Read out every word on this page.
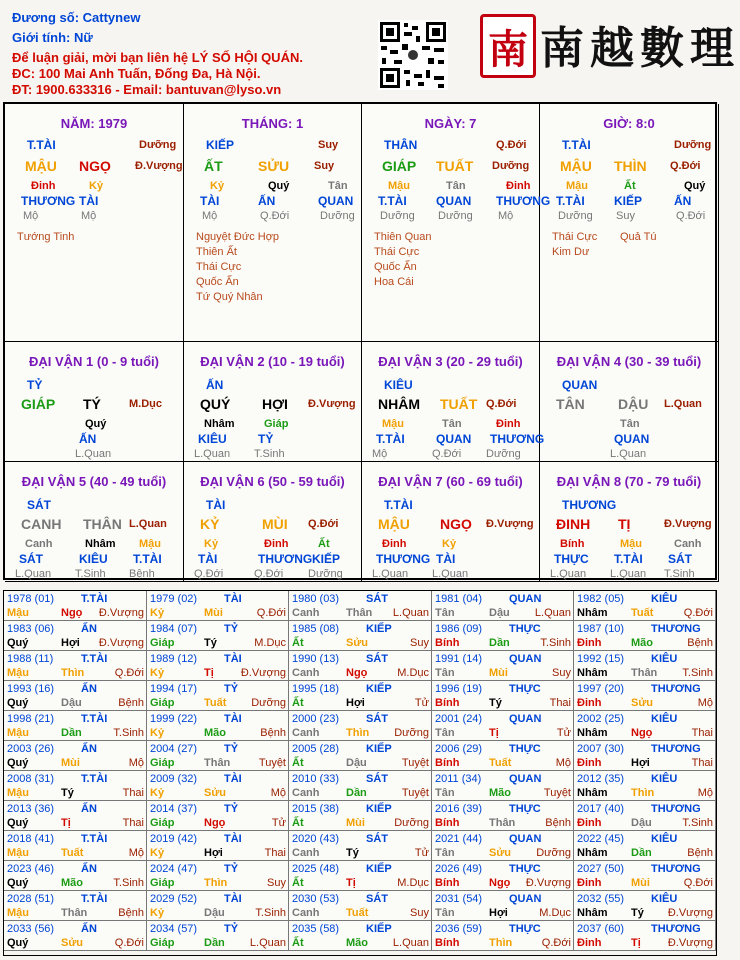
Đương số: Cattynew
Giới tính: Nữ
Để luận giải, mời bạn liên hệ LÝ SỐ HỘI QUÁN.
ĐC: 100 Mai Anh Tuấn, Đống Đa, Hà Nội.
ĐT: 1900.633316 - Email: bantuvan@lyso.vn
南 南越數理
NĂM: 1979
T.TÀI	Dưỡng
MẬU NGỌ Đ.Vượng
Đinh
THƯƠNG
Mộ
Kỷ
TÀI
Mộ
Tướng Tinh
THÁNG: 1
KIẾP	Suy
ẤT	SỬU Suy
Kỷ
TÀI
Mộ
Quý
ẤN
Q.Đới
Tân
QUAN
Dưỡng
Nguyệt Đức Hợp
Thiên Ất
Thái Cực
Quốc Ấn
Tứ Quý Nhân
NGÀY: 7
THÂN	Q.Đới
GIÁP TUẤT Dưỡng
Mậu
T.TÀI
Dưỡng
Tân
QUAN
Dưỡng
Đinh
THƯƠNG
Mộ
Thiên Quan
Thái Cực
Quốc Ấn
Hoa Cái
GIỜ: 8:0
T.TÀI	Dưỡng
MẬU THÌN Q.Đới
Mậu
T.TÀI
Dưỡng
Ất
KIẾP
Suy
Quý
ẤN
Q.Đới
Thái Cực Quả Tú
Kim Dư
ĐẠI VẬN 1 (0 - 9 tuổi)
TỶ
GIÁP TÝ	M.Dục
Quý
ẤN
L.Quan
ĐẠI VẬN 2 (10 - 19 tuổi)
ẤN
QUÝ HỢI Đ.Vượng
Nhâm
KIÊU
L.Quan
Giáp
TỶ
T.Sinh
ĐẠI VẬN 3 (20 - 29 tuổi)
KIÊU
NHÂM TUẤT Q.Đới
Mậu
T.TÀI
Mộ
Tân
QUAN
Q.Đới
Đinh
THƯƠNG
Dưỡng
ĐẠI VẬN 4 (30 - 39 tuổi)
QUAN
TÂN DẬU L.Quan
Tân
QUAN
L.Quan
ĐẠI VẬN 5 (40 - 49 tuổi)
SÁT
CANH THÂN L.Quan
Canh
SÁT
L.Quan
Nhâm
KIÊU
T.Sinh
Mậu
T.TÀI
Bệnh
ĐẠI VẬN 6 (50 - 59 tuổi)
TÀI
KỶ	MÙI Q.Đới
Kỷ
TÀI
Q.Đới
Đinh
THƯƠNG
Q.Đới
Ất
KIẾP
Dưỡng
ĐẠI VẬN 7 (60 - 69 tuổi)
T.TÀI
MẬU NGỌ Đ.Vượng
Đinh
THƯƠNG
L.Quan
Kỷ
TÀI
L.Quan
ĐẠI VẬN 8 (70 - 79 tuổi)
THƯƠNG
ĐINH TỊ	Đ.Vượng
Bính
THỰC
L.Quan
Mậu
T.TÀI
L.Quan
Canh
SÁT
T.Sinh
1978 (01) T.TÀI
Mậu	Ngọ Đ.Vượng
1979 (02) TÀI
Kỷ	Mùi	Q.Đới
1980 (03) SÁT
Canh Thân L.Quan
1981 (04) QUAN
Tân	Dậu L.Quan
1982 (05) KIÊU
Nhâm Tuất	Q.Đới
1983 (06) ẤN
Quý	Hợi Đ.Vượng
1984 (07) TỶ
Giáp	Tý	M.Dục
1985 (08) KIẾP
Ất	Sửu	Suy
1986 (09) THỰC
Bính	Dần	T.Sinh
1987 (10) THƯƠNG
Đinh	Mão	Bệnh
1988 (11)	T.TÀI
Mậu	Thìn	Q.Đới
1989 (12) TÀI
Kỷ	Tị Đ.Vượng
1990 (13) SÁT
Canh Ngọ	M.Dục
1991 (14) QUAN
Tân	Mùi	Suy
1992 (15) KIÊU
Nhâm Thân T.Sinh
1993 (16) ẤN
Quý	Dậu	Bệnh
1994 (17) TỶ
Giáp	Tuất Dưỡng
1995 (18) KIẾP
Ất	Hợi	Tử
1996 (19) THỰC
Bính	Tý	Thai
1997 (20) THƯƠNG
Đinh	Sửu	Mộ
1998 (21) T.TÀI
Mậu	Dần	T.Sinh
1999 (22) TÀI
Kỷ	Mão	Bệnh
2000 (23) SÁT
Canh Thìn Dưỡng
2001 (24) QUAN
Tân	Tị	Tử
2002 (25) KIÊU
Nhâm Ngọ	Thai
2003 (26) ẤN
Quý	Mùi	Mộ
2004 (27) TỶ
Giáp	Thân	Tuyệt
2005 (28) KIẾP
Ất	Dậu	Tuyệt
2006 (29) THỰC
Bính	Tuất	Mộ
2007 (30) THƯƠNG
Đinh	Hợi	Thai
2008 (31) T.TÀI
Mậu	Tý	Thai
2009 (32) TÀI
Kỷ	Sửu	Mộ
2010 (33) SÁT
Canh Dần	Tuyệt
2011 (34)	QUAN
Tân	Mão	Tuyệt
2012 (35) KIÊU
Nhâm Thìn	Mộ
2013 (36) ẤN
Quý	Tị	Thai
2014 (37) TỶ
Giáp	Ngọ	Tử
2015 (38) KIẾP
Ất	Mùi	Dưỡng
2016 (39) THỰC
Bính	Thân	Bệnh
2017 (40) THƯƠNG
Đinh	Dậu	T.Sinh
2018 (41) T.TÀI
Mậu	Tuất	Mộ
2019 (42) TÀI
Kỷ	Hợi	Thai
2020 (43) SÁT
Canh Tý	Tử
2021 (44) QUAN
Tân	Sửu Dưỡng
2022 (45) KIÊU
Nhâm Dần	Bệnh
2023 (46) ẤN
Quý	Mão	T.Sinh
2024 (47) TỶ
Giáp	Thìn	Suy
2025 (48) KIẾP
Ất	Tị	M.Dục
2026 (49) THỰC
Bính	Ngọ Đ.Vượng
2027 (50) THƯƠNG
Đinh	Mùi	Q.Đới
2028 (51) T.TÀI
Mậu	Thân	Bệnh
2029 (52) TÀI
Kỷ	Dậu	T.Sinh
2030 (53) SÁT
Canh Tuất	Suy
2031 (54) QUAN
Tân	Hợi	M.Dục
2032 (55) KIÊU
Nhâm Tý Đ.Vượng
2033 (56) ẤN
Quý	Sửu	Q.Đới
2034 (57) TỶ
Giáp	Dần L.Quan
2035 (58) KIẾP
Ất	Mão L.Quan
2036 (59) THỰC
Bính	Thìn	Q.Đới
2037 (60) THƯƠNG
Đinh	Tị Đ.Vượng
